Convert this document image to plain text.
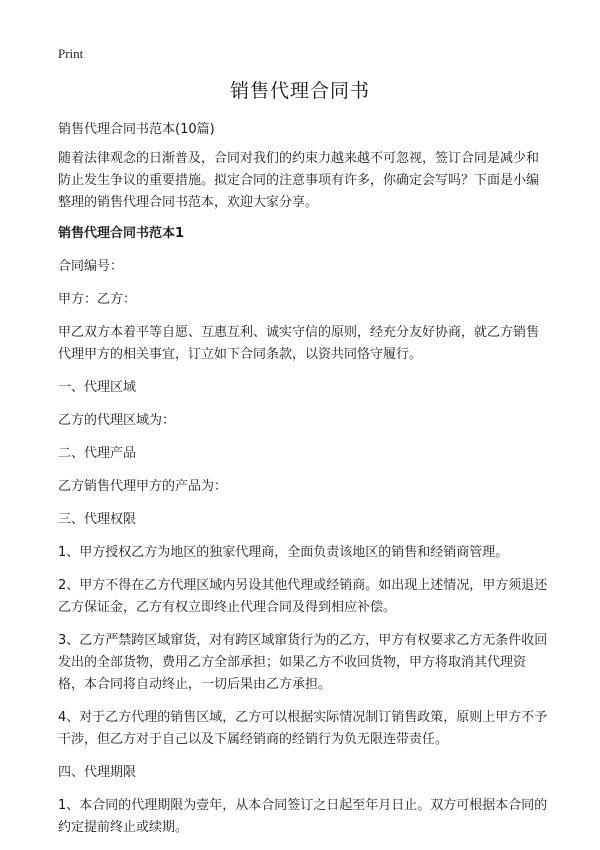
Print
销售代理合同书

销售代理合同书范本(10篇)

随着法律观念的日渐普及，合同对我们的约束力越来越不可忽视，签订合同是减少和防止发生争议的重要措施。拟定合同的注意事项有许多，你确定会写吗？下面是小编整理的销售代理合同书范本，欢迎大家分享。

销售代理合同书范本1

合同编号：

甲方：乙方：

甲乙双方本着平等自愿、互惠互利、诚实守信的原则，经充分友好协商，就乙方销售代理甲方的相关事宜，订立如下合同条款，以资共同恪守履行。

一、代理区域

乙方的代理区域为：

二、代理产品

乙方销售代理甲方的产品为：

三、代理权限

1、甲方授权乙方为地区的独家代理商，全面负责该地区的销售和经销商管理。

2、甲方不得在乙方代理区域内另设其他代理或经销商。如出现上述情况，甲方须退还乙方保证金，乙方有权立即终止代理合同及得到相应补偿。

3、乙方严禁跨区域窜货，对有跨区域窜货行为的乙方，甲方有权要求乙方无条件收回发出的全部货物，费用乙方全部承担；如果乙方不收回货物，甲方将取消其代理资格，本合同将自动终止，一切后果由乙方承担。

4、对于乙方代理的销售区域，乙方可以根据实际情况制订销售政策，原则上甲方不予干涉，但乙方对于自己以及下属经销商的经销行为负无限连带责任。

四、代理期限

1、本合同的代理期限为壹年，从本合同签订之日起至年月日止。双方可根据本合同的约定提前终止或续期。
